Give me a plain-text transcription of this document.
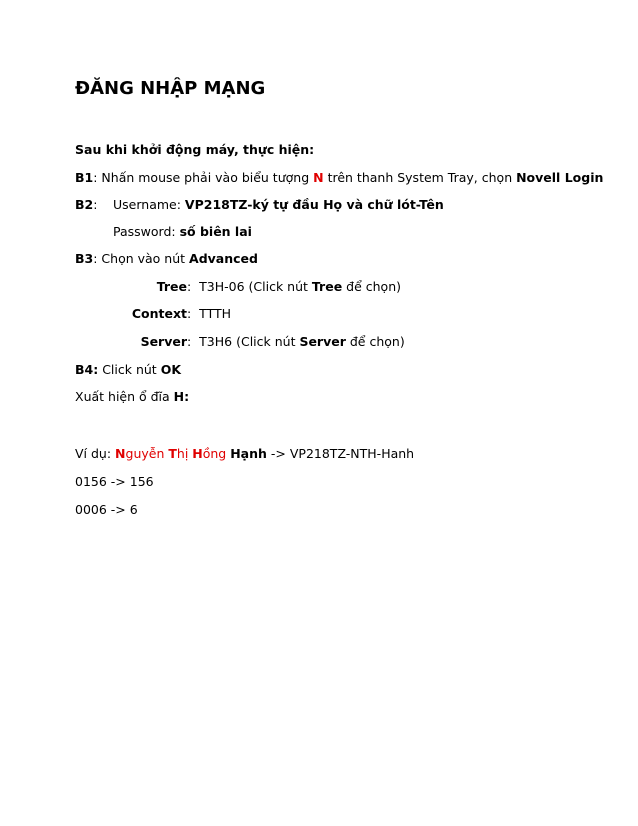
ĐĂNG NHẬP MẠNG
Sau khi khởi động máy, thực hiện:
B1: Nhấn mouse phải vào biểu tượng N trên thanh System Tray, chọn Novell Login
B2: Username: VP218TZ-ký tự đầu Họ và chữ lót-Tên
Password: số biên lai
B3: Chọn vào nút Advanced
Tree:  T3H-06 (Click nút Tree để chọn)
Context:  TTTH
Server:  T3H6 (Click nút Server để chọn)
B4: Click nút OK
Xuất hiện ổ đĩa H:
Ví dụ: Nguyễn Thị Hồng Hạnh -> VP218TZ-NTH-Hanh
0156 -> 156
0006 -> 6
